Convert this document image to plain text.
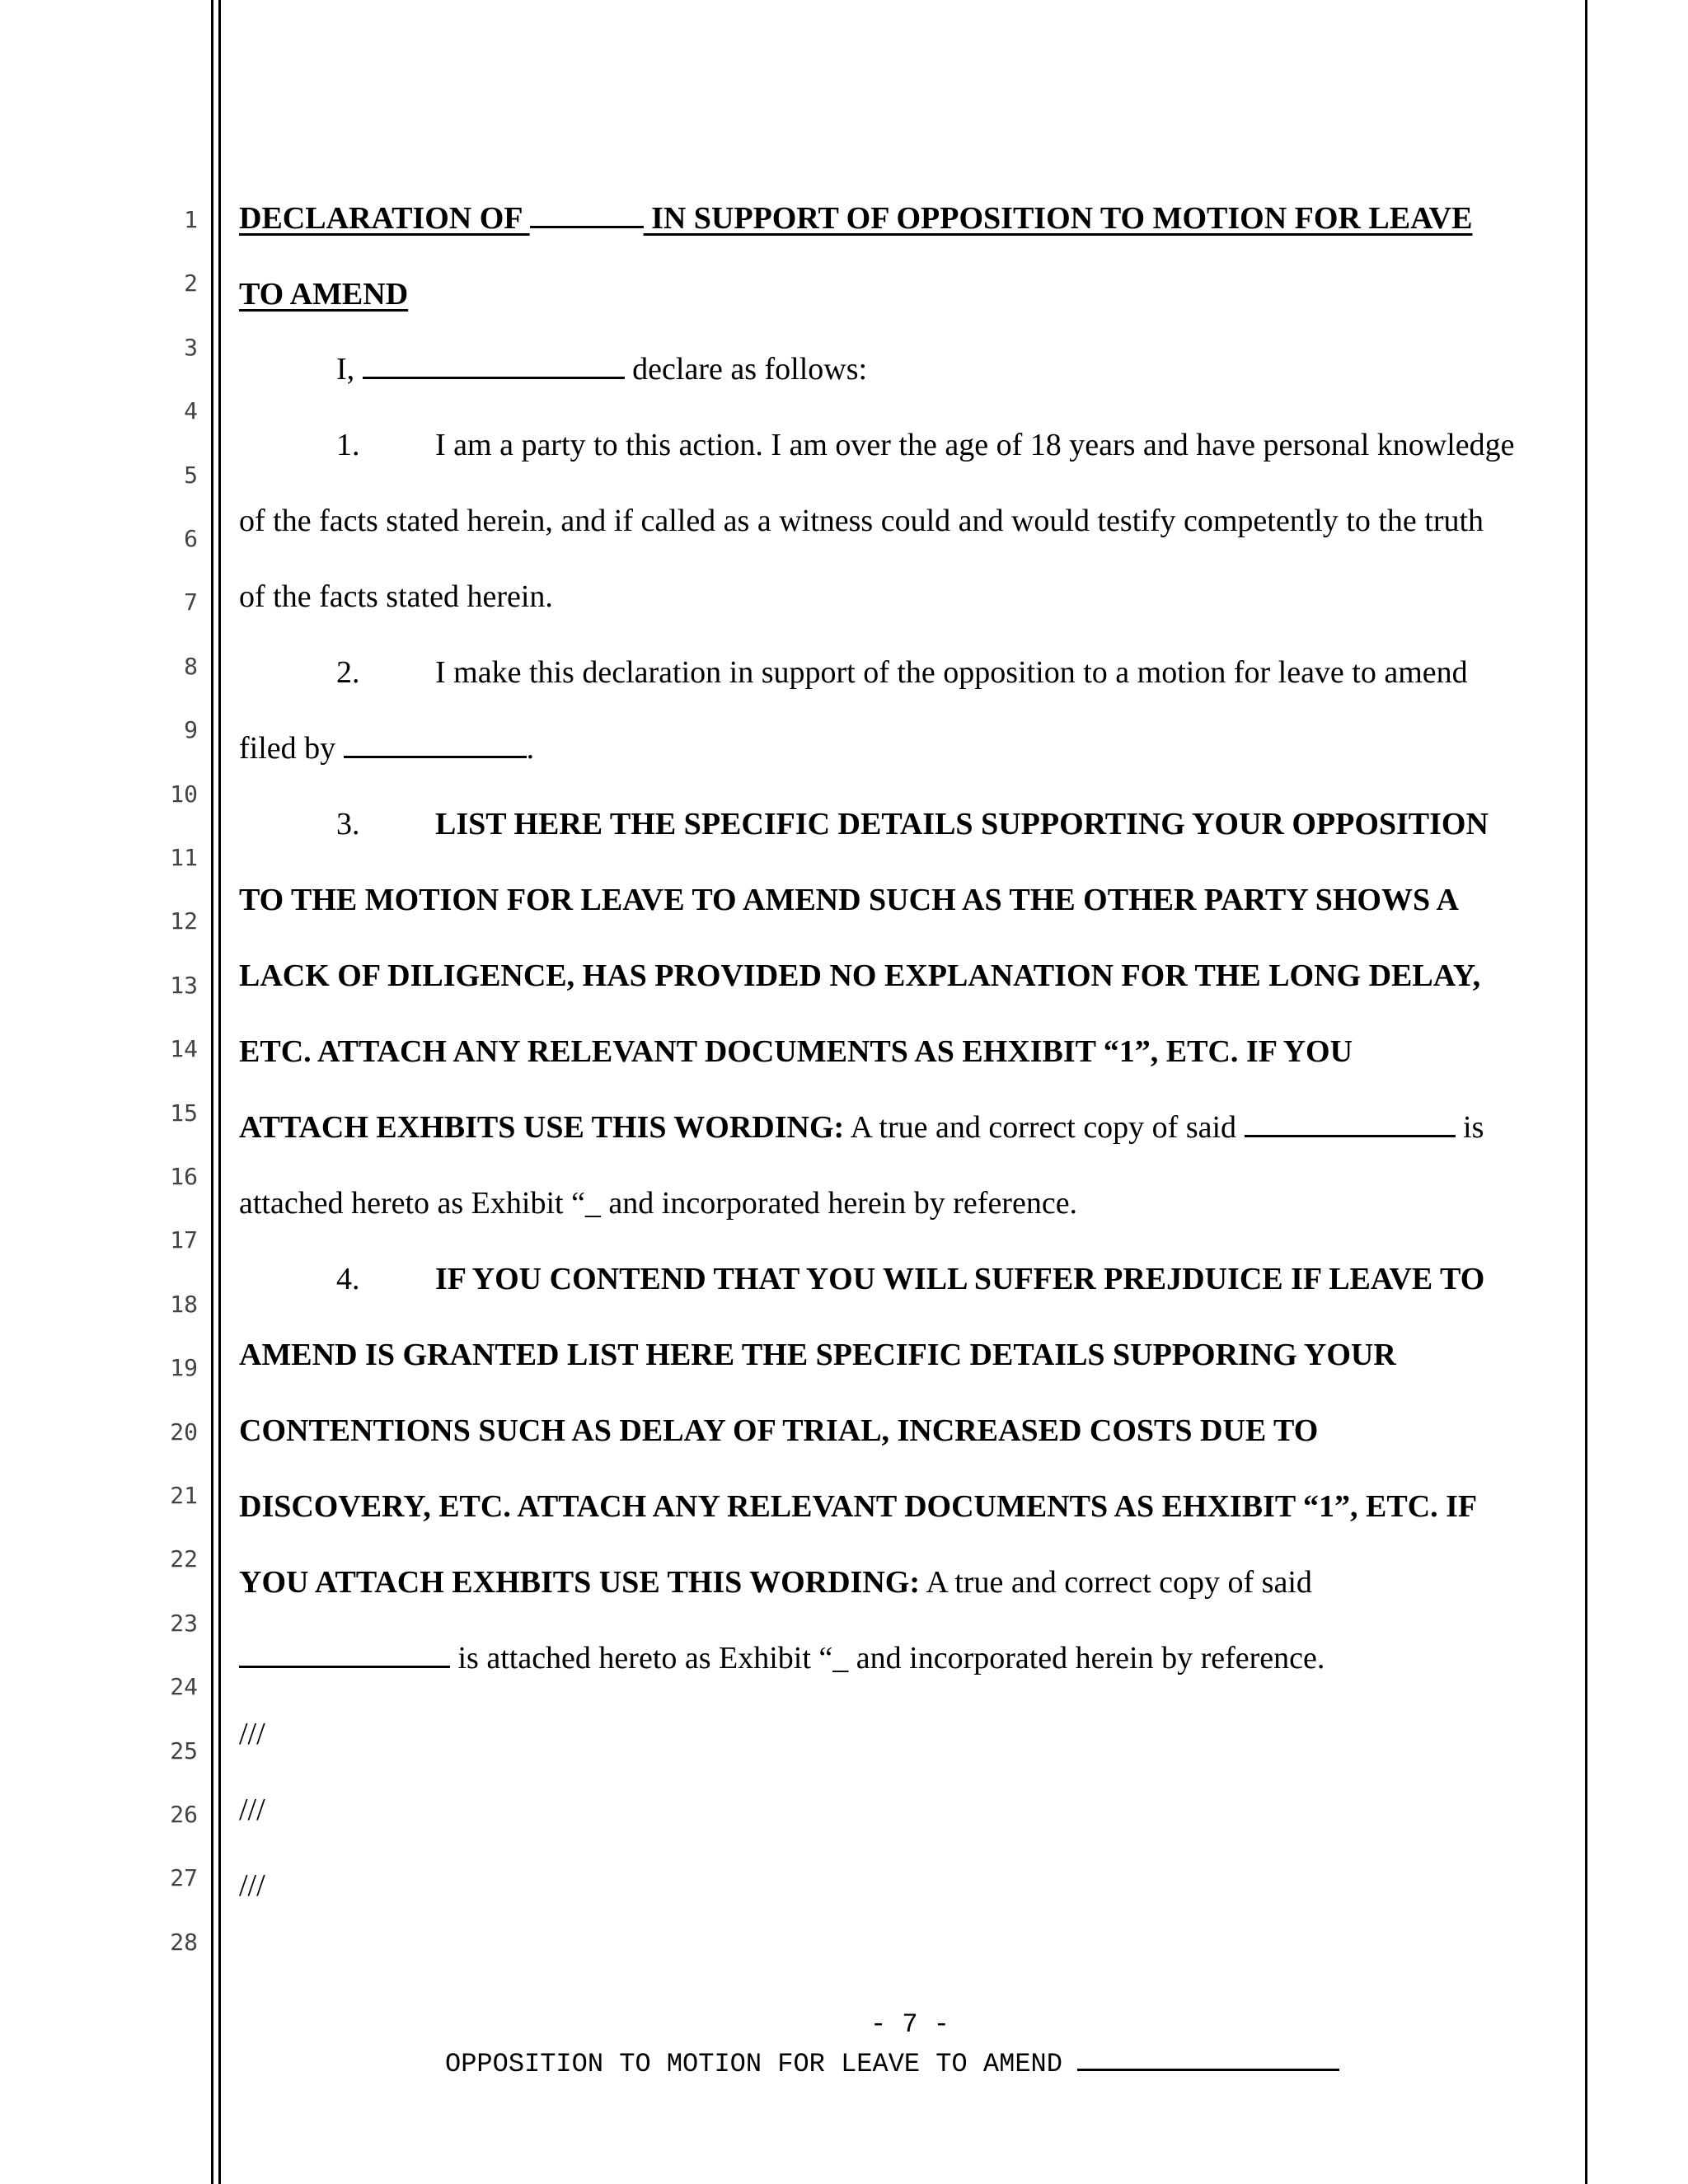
1
2
3
4
5
6
7
8
9
10
11
12
13
14
15
16
17
18
19
20
21
22
23
24
25
26
27
28
DECLARATION OF	IN SUPPORT OF OPPOSITION TO MOTION FOR LEAVE
TO AMEND
I,	declare as follows:
1. I am a party to this action. I am over the age of 18 years and have personal knowledge
of the facts stated herein, and if called as a witness could and would testify competently to the truth
of the facts stated herein.
2. I make this declaration in support of the opposition to a motion for leave to amend
filed by	.
3. LIST HERE THE SPECIFIC DETAILS SUPPORTING YOUR OPPOSITION
TO THE MOTION FOR LEAVE TO AMEND SUCH AS THE OTHER PARTY SHOWS A
LACK OF DILIGENCE, HAS PROVIDED NO EXPLANATION FOR THE LONG DELAY,
ETC. ATTACH ANY RELEVANT DOCUMENTS AS EHXIBIT “1”, ETC. IF YOU
ATTACH EXHBITS USE THIS WORDING: A true and correct copy of said	is
attached hereto as Exhibit “_ and incorporated herein by reference.
4. IF YOU CONTEND THAT YOU WILL SUFFER PREJDUICE IF LEAVE TO
AMEND IS GRANTED LIST HERE THE SPECIFIC DETAILS SUPPORING YOUR
CONTENTIONS SUCH AS DELAY OF TRIAL, INCREASED COSTS DUE TO
DISCOVERY, ETC. ATTACH ANY RELEVANT DOCUMENTS AS EHXIBIT “1”, ETC. IF
YOU ATTACH EXHBITS USE THIS WORDING: A true and correct copy of said
is attached hereto as Exhibit “_ and incorporated herein by reference.
///
///
///
- 7 -
OPPOSITION TO MOTION FOR LEAVE TO AMEND
